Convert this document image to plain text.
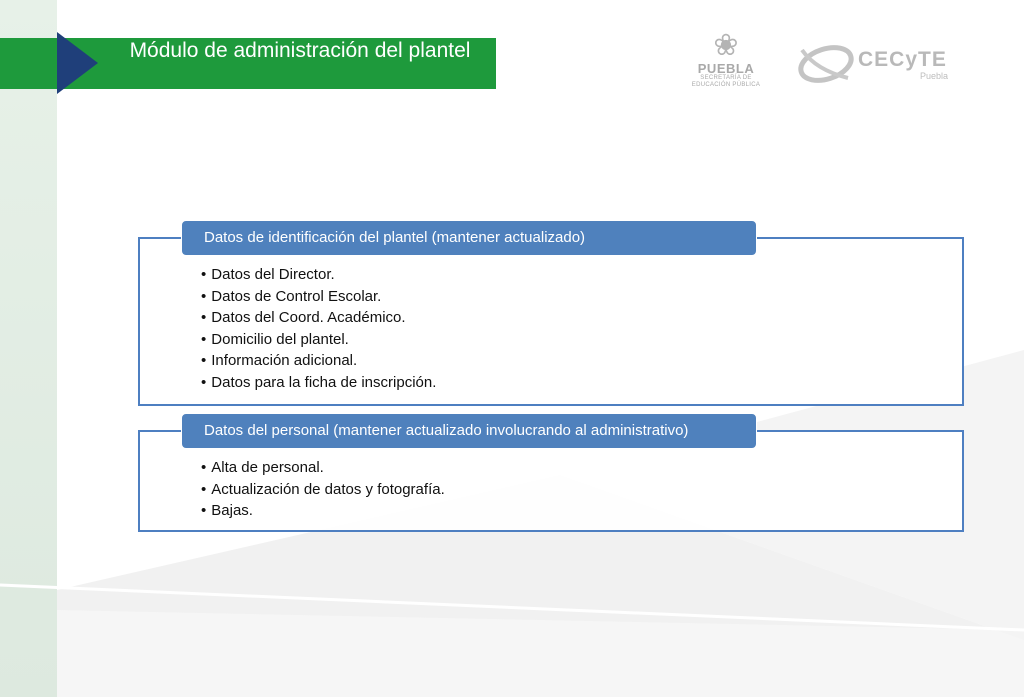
Módulo de administración del plantel	❀
PUEBLA
SECRETARÍA DE
EDUCACIÓN PÚBLICA
CECyTE
Puebla
Datos de identificación del plantel (mantener actualizado)
• Datos del Director.
• Datos de Control Escolar.
• Datos del Coord. Académico.
• Domicilio del plantel.
• Información adicional.
• Datos para la ficha de inscripción.
Datos del personal (mantener actualizado involucrando al administrativo)
• Alta de personal.
• Actualización de datos y fotografía.
• Bajas.
